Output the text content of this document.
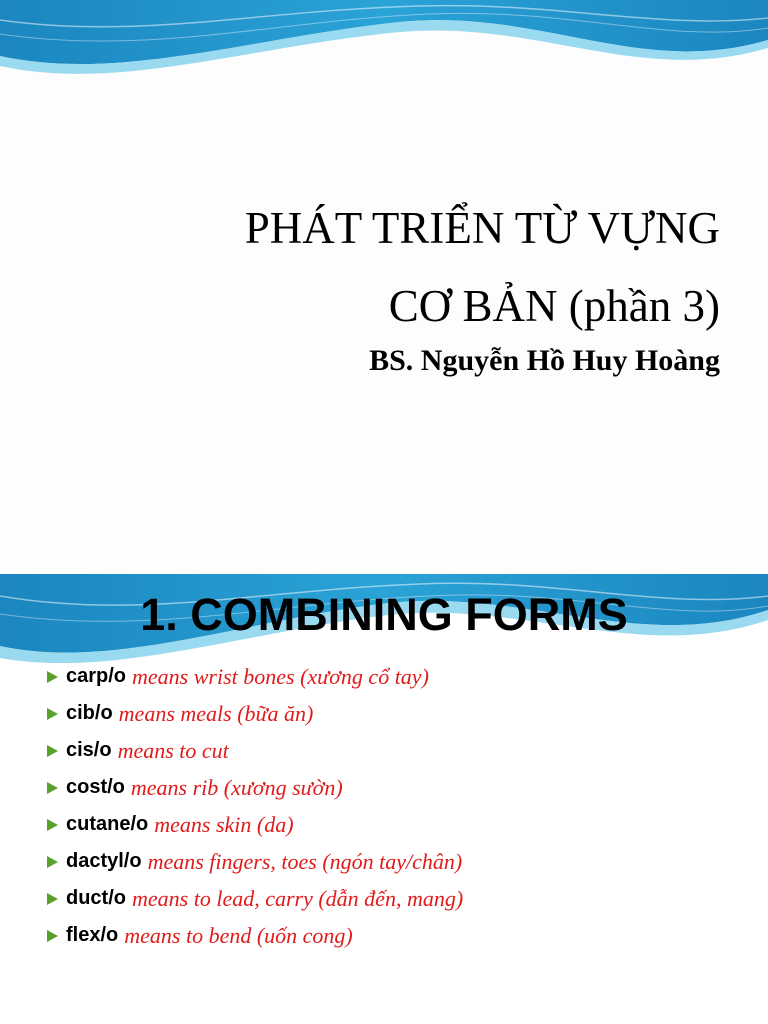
PHÁT TRIỂN TỪ VỰNG
CƠ BẢN (phần 3)
BS. Nguyễn Hồ Huy Hoàng
1. COMBINING FORMS
carp/o means wrist bones (xương cổ tay)
cib/o means meals (bữa ăn)
cis/o means to cut
cost/o means rib (xương sườn)
cutane/o means skin (da)
dactyl/o means fingers, toes (ngón tay/chân)
duct/o means to lead, carry (dẫn đến, mang)
flex/o means to bend (uốn cong)
